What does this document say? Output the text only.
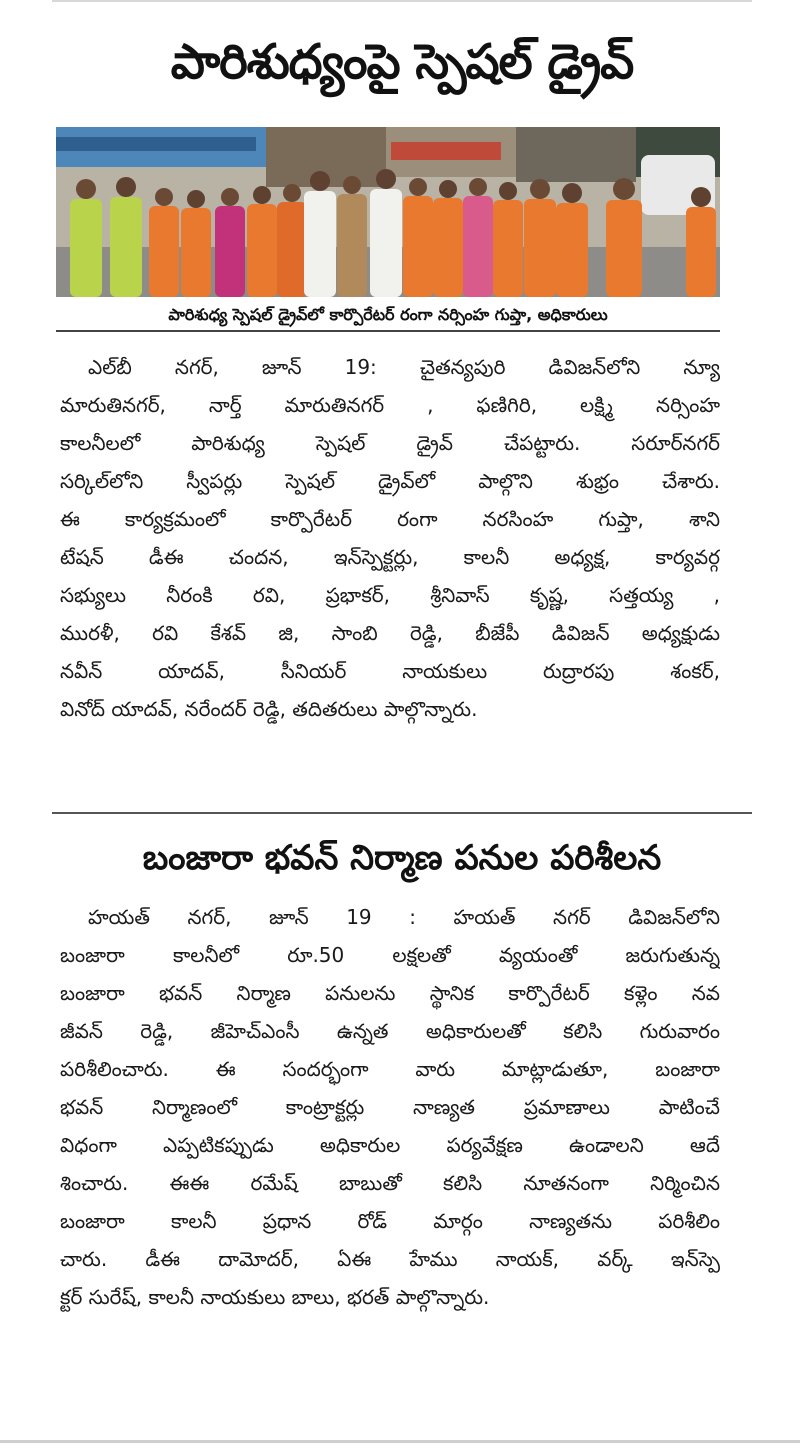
పారిశుధ్యంపై స్పెషల్ డ్రైవ్
పారిశుధ్య స్పెషల్ డ్రైవ్‌లో కార్పొరేటర్ రంగా నర్సింహ గుప్తా, అధికారులు
ఎల్‌బీ నగర్, జూన్ 19: చైతన్యపురి డివిజన్‌లోని న్యూ
మారుతినగర్, నార్త్ మారుతినగర్ , ఫణిగిరి, లక్ష్మి నర్సింహ
కాలనీలలో పారిశుధ్య స్పెషల్ డ్రైవ్ చేపట్టారు. సరూర్‌నగర్
సర్కిల్‌లోని స్వీపర్లు స్పెషల్ డ్రైవ్‌లో పాల్గొని శుభ్రం చేశారు.
ఈ కార్యక్రమంలో కార్పొరేటర్ రంగా నరసింహ గుప్తా, శాని
టేషన్ డీఈ చందన, ఇన్‌స్పెక్టర్లు, కాలనీ అధ్యక్ష, కార్యవర్గ
సభ్యులు నీరంకి రవి, ప్రభాకర్, శ్రీనివాస్ కృష్ణ, సత్తయ్య ,
మురళీ, రవి కేశవ్ జి, సాంబి రెడ్డి, బీజేపీ డివిజన్ అధ్యక్షుడు
నవీన్ యాదవ్, సీనియర్ నాయకులు రుద్రారపు శంకర్,
వినోద్ యాదవ్, నరేందర్ రెడ్డి, తదితరులు పాల్గొన్నారు.
బంజారా భవన్ నిర్మాణ పనుల పరిశీలన
హయత్ నగర్, జూన్ 19 : హయత్ నగర్ డివిజన్‌లోని
బంజారా కాలనీలో రూ.50 లక్షలతో వ్యయంతో జరుగుతున్న
బంజారా భవన్ నిర్మాణ పనులను స్థానిక కార్పొరేటర్ కళ్లెం నవ
జీవన్ రెడ్డి, జీహెచ్‌ఎంసీ ఉన్నత అధికారులతో కలిసి గురువారం
పరిశీలించారు. ఈ సందర్భంగా వారు మాట్లాడుతూ, బంజారా
భవన్ నిర్మాణంలో కాంట్రాక్టర్లు నాణ్యత ప్రమాణాలు పాటించే
విధంగా ఎప్పటికప్పుడు అధికారుల పర్యవేక్షణ ఉండాలని ఆదే
శించారు. ఈఈ రమేష్ బాబుతో కలిసి నూతనంగా నిర్మించిన
బంజారా కాలనీ ప్రధాన రోడ్ మార్గం నాణ్యతను పరిశీలిం
చారు. డీఈ దామోదర్, ఏఈ హేము నాయక్, వర్క్ ఇన్‌స్పె
క్టర్ సురేష్, కాలనీ నాయకులు బాలు, భరత్ పాల్గొన్నారు.
